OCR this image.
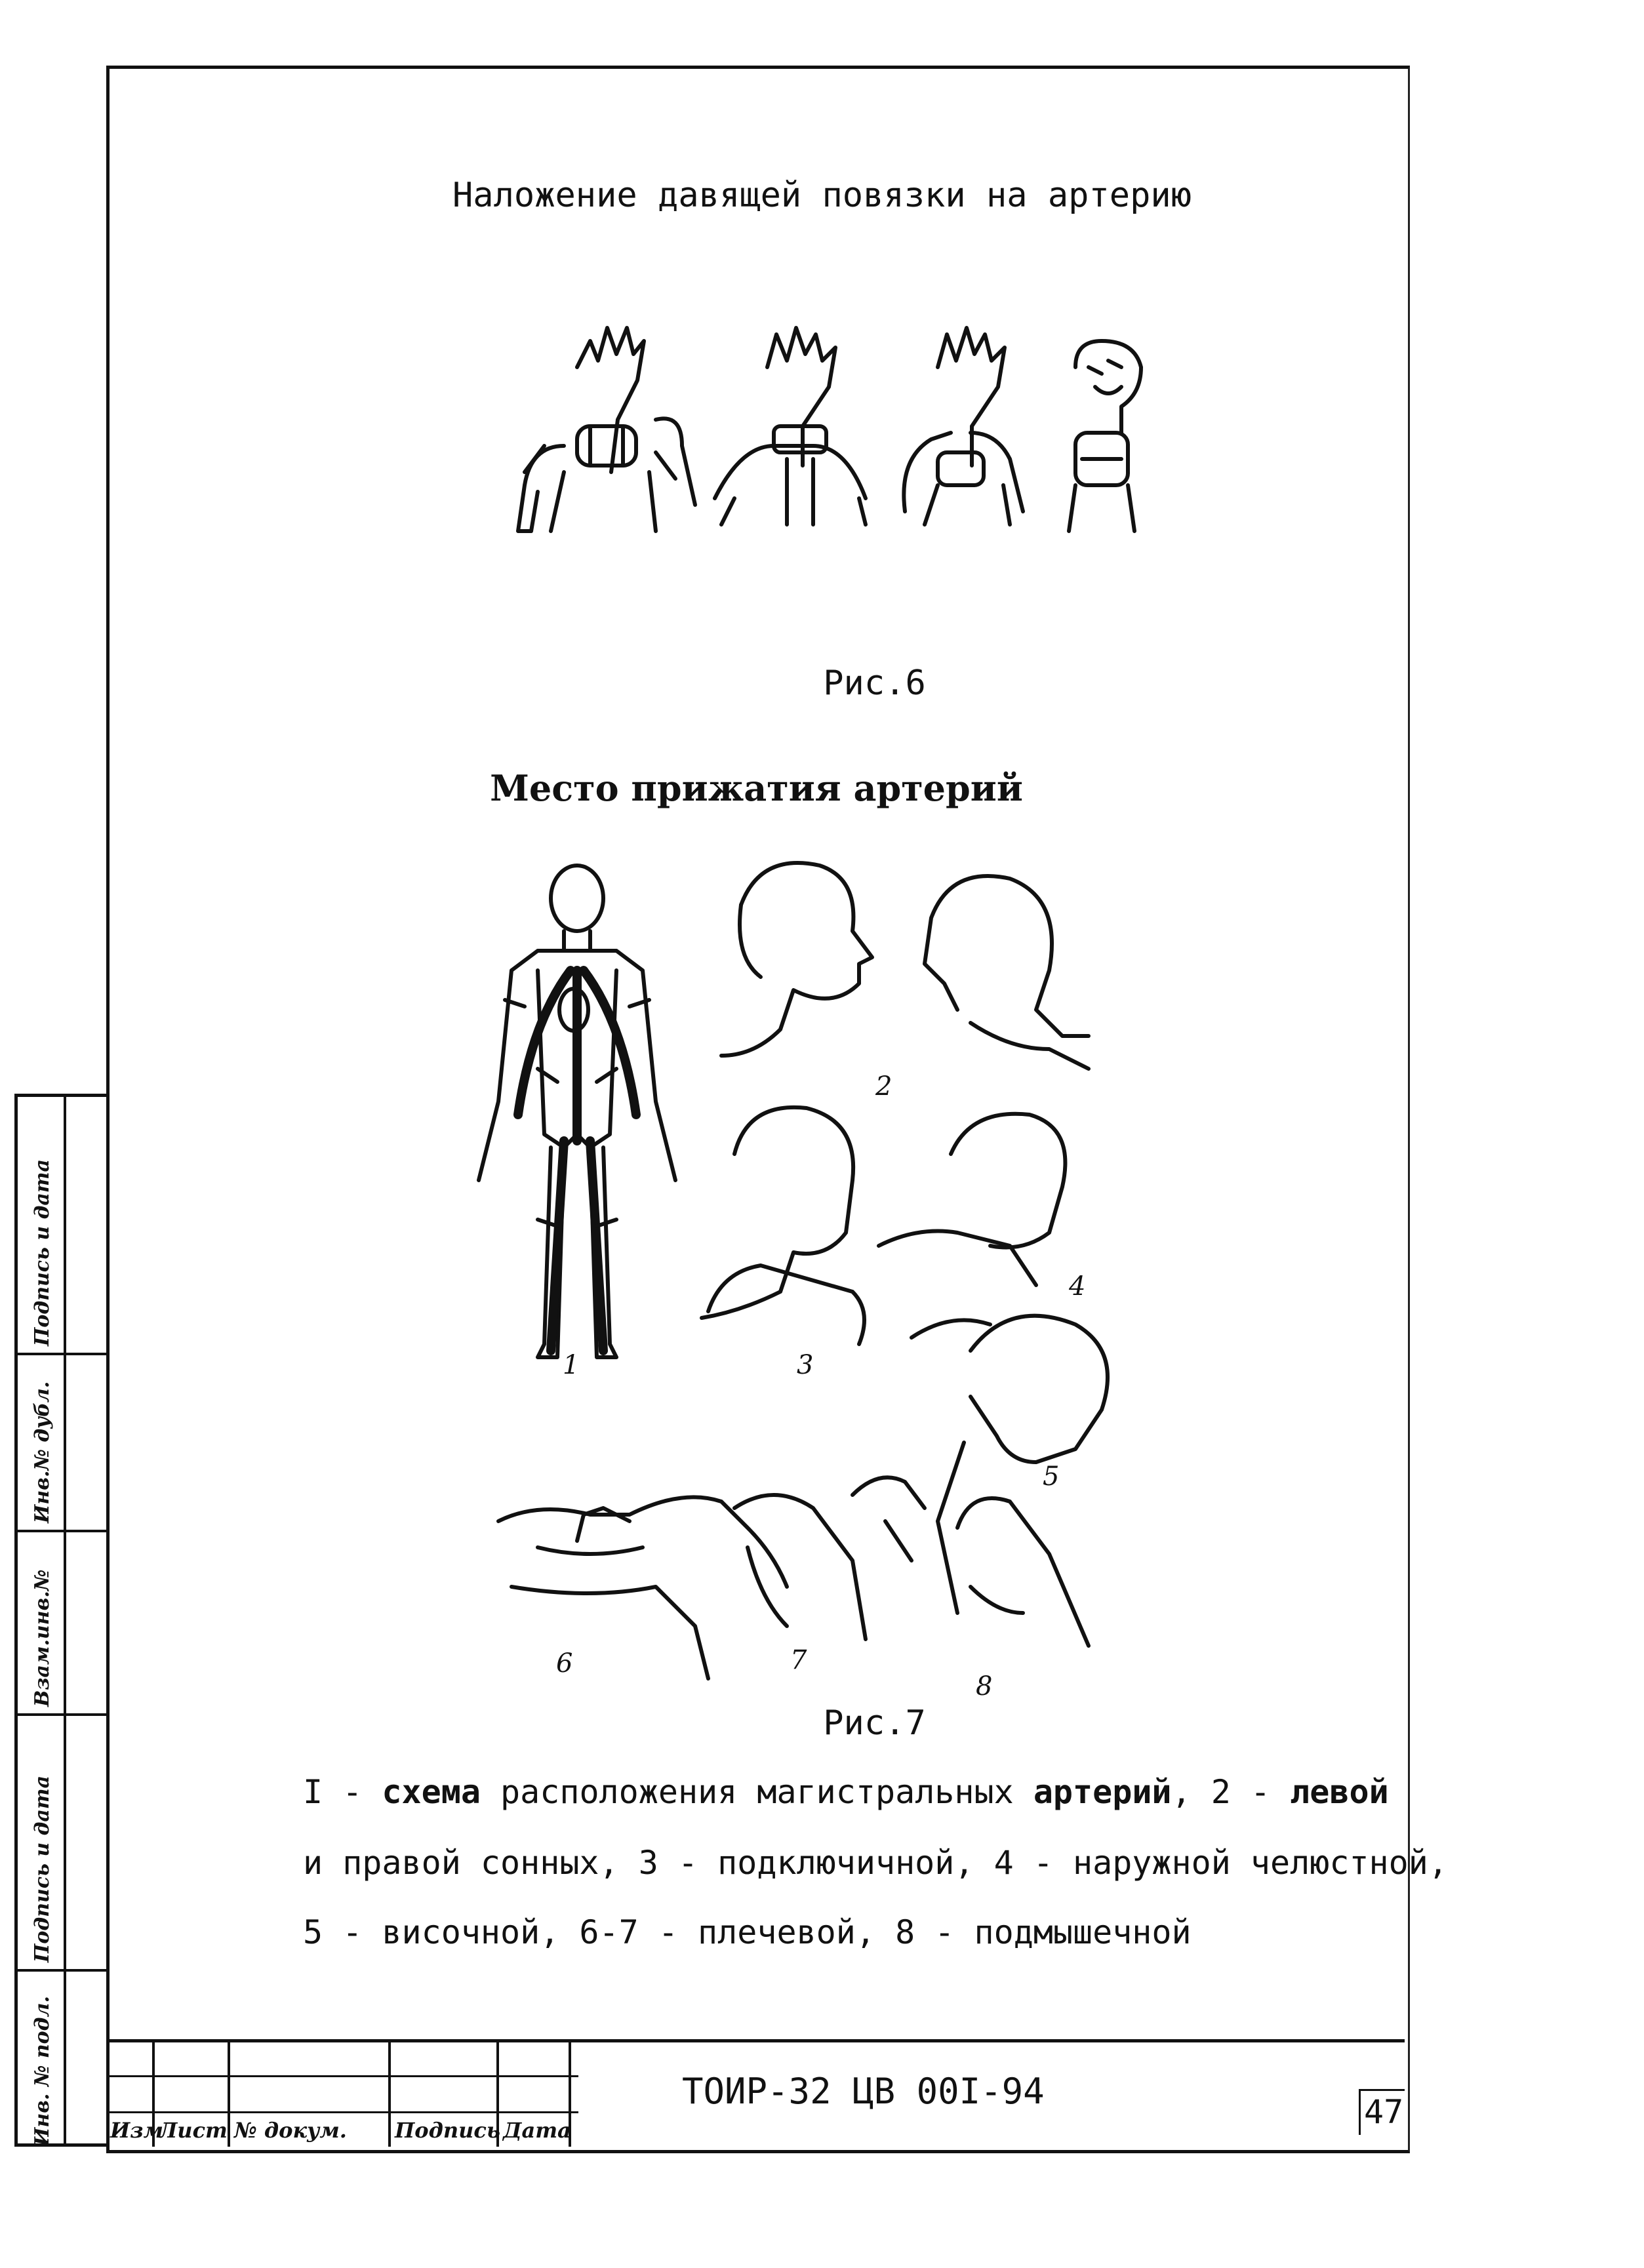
Наложение давящей повязки на артерию
Рис.6
Место прижатия артерий
Рис.7
1
2
3
4
5
6	7
8
I - схема расположения магистральных артерий, 2 - левой
и правой сонных, 3 - подключичной, 4 - наружной челюстной,
5 - височной, 6-7 - плечевой, 8 - подмышечной
Инв. № подл.
Подпись и дата
Взам.инв.№
Инв.№ дубл.
Подпись и дата
Изм
Лист № докум. Подпись Дата
ТОИР-32 ЦВ 00I-94	47
